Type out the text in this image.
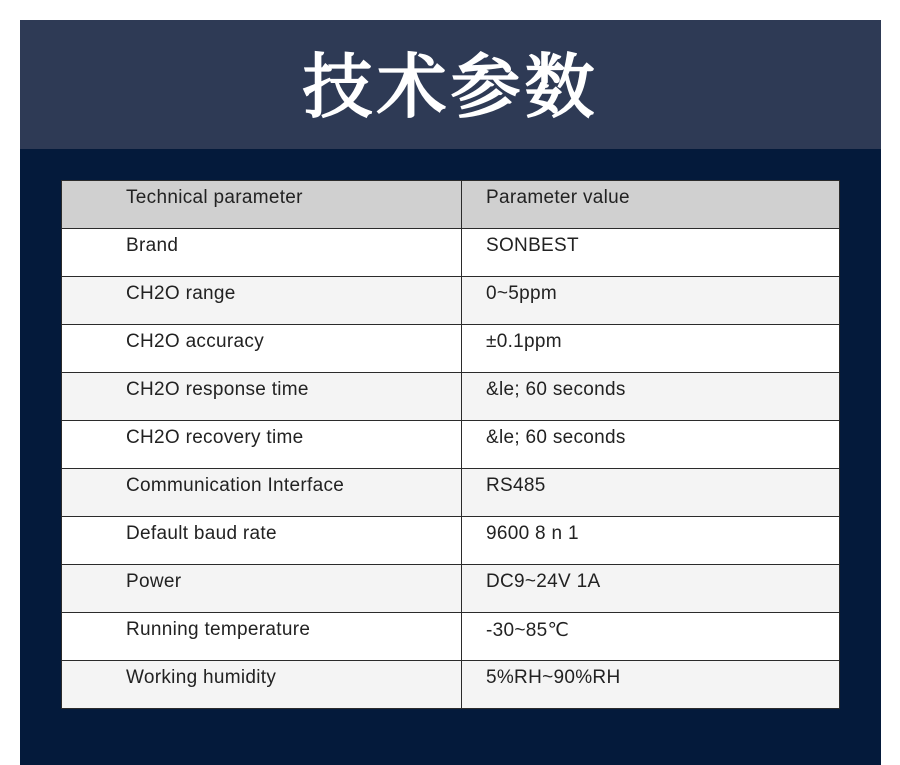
技术参数
Technical parameter	Parameter value

Brand	SONBEST

CH2O range	0~5ppm

CH2O accuracy	±0.1ppm

CH2O response time	&le; 60 seconds

CH2O recovery time	&le; 60 seconds

Communication Interface	RS485

Default baud rate	9600 8 n 1

Power	DC9~24V 1A

Running temperature	-30~85℃

Working humidity	5%RH~90%RH
